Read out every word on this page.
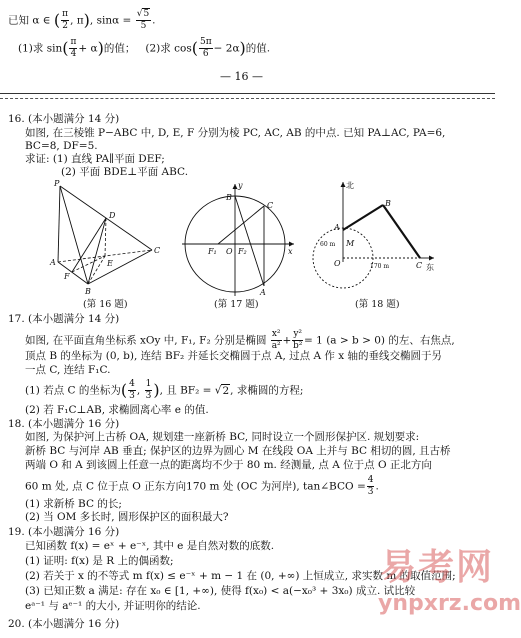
已知 α ∈ ( $\frac{\pi}{2}$ , π), $\sin\alpha = \frac{√5}{5}$ .
(1)求 $\sin( \frac{\pi}{4} + \alpha)$的值； (2)求 $\cos( \frac{5\pi}{6} - 2\alpha)$的值.
— 16 —
16. (本小题满分 14 分)
如图, 在三棱锥 P−ABC 中, D, E, F 分别为棱 PC, AC, AB 的中点. 已知 PA⊥AC, PA=6,
BC=8, DF=5.
求证: (1) 直线 PA∥平面 DEF;
(2) 平面 BDE⊥平面 ABC.
P
D
C
E
A
F
B
(第 16 题)
y
B
C
F₁ O F₂	x
A
(第 17 题)
北
B
A
60 m M
O	170 m	C 东
(第 18 题)
17. (本小题满分 14 分)
如图, 在平面直角坐标系 xOy 中, F₁, F₂ 分别是椭圆 $\frac{\text{x²}}{\text{a²}} + \frac{\text{y²}}{\text{b²}} = 1$ (a > b > 0) 的左、右焦点,
顶点 B 的坐标为 (0, b), 连结 BF₂ 并延长交椭圆于点 A, 过点 A 作 x 轴的垂线交椭圆于另
一点 C, 连结 F₁C.
(1) 若点 C 的坐标为( $\frac{4}{3}$ , $\frac{1}{3}$ ), 且 BF₂ = √2, 求椭圆的方程;
(2) 若 F₁C⊥AB, 求椭圆离心率 e 的值.
18. (本小题满分 16 分)
如图, 为保护河上古桥 OA, 规划建一座新桥 BC, 同时设立一个圆形保护区. 规划要求:
新桥 BC 与河岸 AB 垂直; 保护区的边界为圆心 M 在线段 OA 上并与 BC 相切的圆, 且古桥
两端 O 和 A 到该圆上任意一点的距离均不少于 80 m. 经测量, 点 A 位于点 O 正北方向
60 m 处, 点 C 位于点 O 正东方向170 m 处 (OC 为河岸), tan∠BCO = $\frac{4}{3}$ .
(1) 求新桥 BC 的长;
(2) 当 OM 多长时, 圆形保护区的面积最大?
19. (本小题满分 16 分)
已知函数 f(x) = eˣ + e⁻ˣ, 其中 e 是自然对数的底数.
(1) 证明: f(x) 是 R 上的偶函数;
(2) 若关于 x 的不等式 m f(x) ≤ e⁻ˣ + m − 1 在 (0, +∞) 上恒成立, 求实数 m 的取值范围;
(3) 已知正数 a 满足: 存在 x₀ ∈ [1, +∞), 使得 f(x₀) < a(−x₀³ + 3x₀) 成立. 试比较
eᵃ⁻¹ 与 aᵉ⁻¹ 的大小, 并证明你的结论.
20. (本小题满分 16 分)
易考网
ynpxrz.com
